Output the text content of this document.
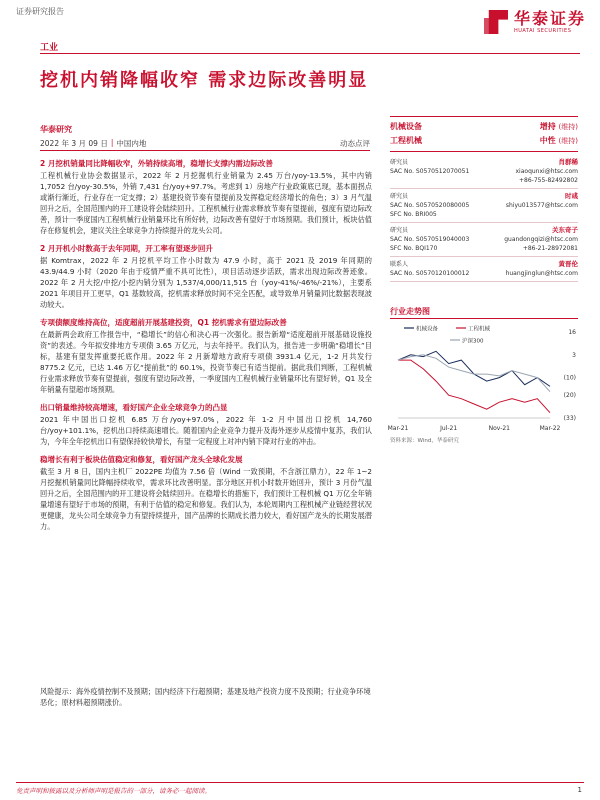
证券研究报告	华泰证券
HUATAI SECURITIES
工业
挖机内销降幅收窄 需求边际改善明显
华泰研究
2022 年 3 月 09 日 | 中国内地	动态点评
2 月挖机销量同比降幅收窄，外销持续高增，稳增长支撑内需边际改善
工程机械行业协会数据显示，2022 年 2 月挖掘机行业销量为 2.45 万台/yoy-13.5%，其中内销 1,7052 台/yoy-30.5%，外销 7,431 台/yoy+97.7%。考虑到 1）房地产行业政策底已现，基本面拐点或渐行渐近，行业存在一定支撑；2）基建投资节奏有望提前及发挥稳定经济增长的角色；3）3 月气温回升之后，全国范围内的开工建设将会陆续回升。工程机械行业需求释放节奏有望提前，强度有望边际改善，预计一季度国内工程机械行业销量环比有所好转，边际改善有望好于市场预期。我们预计，板块估值存在修复机会，建议关注全球竞争力持续提升的龙头公司。
2 月开机小时数高于去年同期，开工率有望逐步回升
据 Komtrax，2022 年 2 月挖机平均工作小时数为 47.9 小时，高于 2021 及 2019 年同期的 43.9/44.9 小时（2020 年由于疫情严重不具可比性），项目活动逐步活跃，需求出现边际改善迹象。2022 年 2 月大挖/中挖/小挖内销分别为 1,537/4,000/11,515 台（yoy-41%/-46%/-21%），主要系 2021 年项目开工更早，Q1 基数较高，挖机需求释放时间不完全匹配，或导致单月销量同比数据表现波动较大。
专项债额度维持高位，适度超前开展基建投资，Q1 挖机需求有望边际改善
在最新两会政府工作报告中，“稳增长”的信心和决心再一次强化。报告新增“适度超前开展基础设施投资”的表述。今年拟安排地方专项债 3.65 万亿元，与去年持平。我们认为，报告进一步明确“稳增长”目标，基建有望发挥重要托底作用。2022 年 2 月新增地方政府专项债 3931.4 亿元，1-2 月共发行 8775.2 亿元，已达 1.46 万亿“提前批”的 60.1%，投资节奏已有适当提前。据此我们判断，工程机械行业需求释放节奏有望提前，强度有望边际改善，一季度国内工程机械行业销量环比有望好转，Q1 及全年销量有望超市场预期。
出口销量维持较高增速，看好国产企业全球竞争力的凸显
2021 年中国出口挖机 6.85 万台/yoy+97.0%，2022 年 1-2 月中国出口挖机 14,760 台/yoy+101.1%，挖机出口持续高速增长。随着国内企业竞争力提升及海外逐步从疫情中复苏，我们认为，今年全年挖机出口有望保持较快增长，有望一定程度上对冲内销下降对行业的冲击。
稳增长有利于板块估值稳定和修复，看好国产龙头全球化发展
截至 3 月 8 日，国内主机厂 2022PE 均值为 7.56 倍（Wind 一致预期，不含浙江鼎力），22 年 1~2 月挖掘机销量同比降幅持续收窄，需求环比改善明显。部分地区开机小时数开始回升，预计 3 月份气温回升之后，全国范围内的开工建设将会陆续回升。在稳增长的措施下，我们预计工程机械 Q1 万亿全年销量增速有望好于市场的预期，有利于估值的稳定和修复。我们认为，本轮周期内工程机械产业链经营状况更健康，龙头公司全球竞争力有望持续提升，国产品牌的长期成长潜力较大，看好国产龙头的长期发展潜力。
风险提示：海外疫情控制不及预期；国内经济下行超预期；基建及地产投资力度不及预期；行业竞争环境恶化；原材料超预期涨价。
机械设备	增持 (维持)
工程机械	中性 (维持)
研究员	肖群稀
SAC No. S0570512070051	xiaoqunxi@htsc.com
+86-755-82492802
研究员	时彧
SAC No. S0570520080005	shiyu013577@htsc.com
SFC No. BRI005
研究员	关东奇子
SAC No. S0570519040003	guandongqizi@htsc.com
SFC No. BQI170	+86-21-28972081
联系人	黄晋伦
SAC No. S0570120100012	huangjinglun@htsc.com
行业走势图
机械设备	工程机械
沪深300
16
3
(10)
(20)
(33)
Mar-21	Jul-21	Nov-21	Mar-22
资料来源：Wind，华泰研究
免责声明和披露以及分析师声明是报告的一部分，请务必一起阅读。	1
